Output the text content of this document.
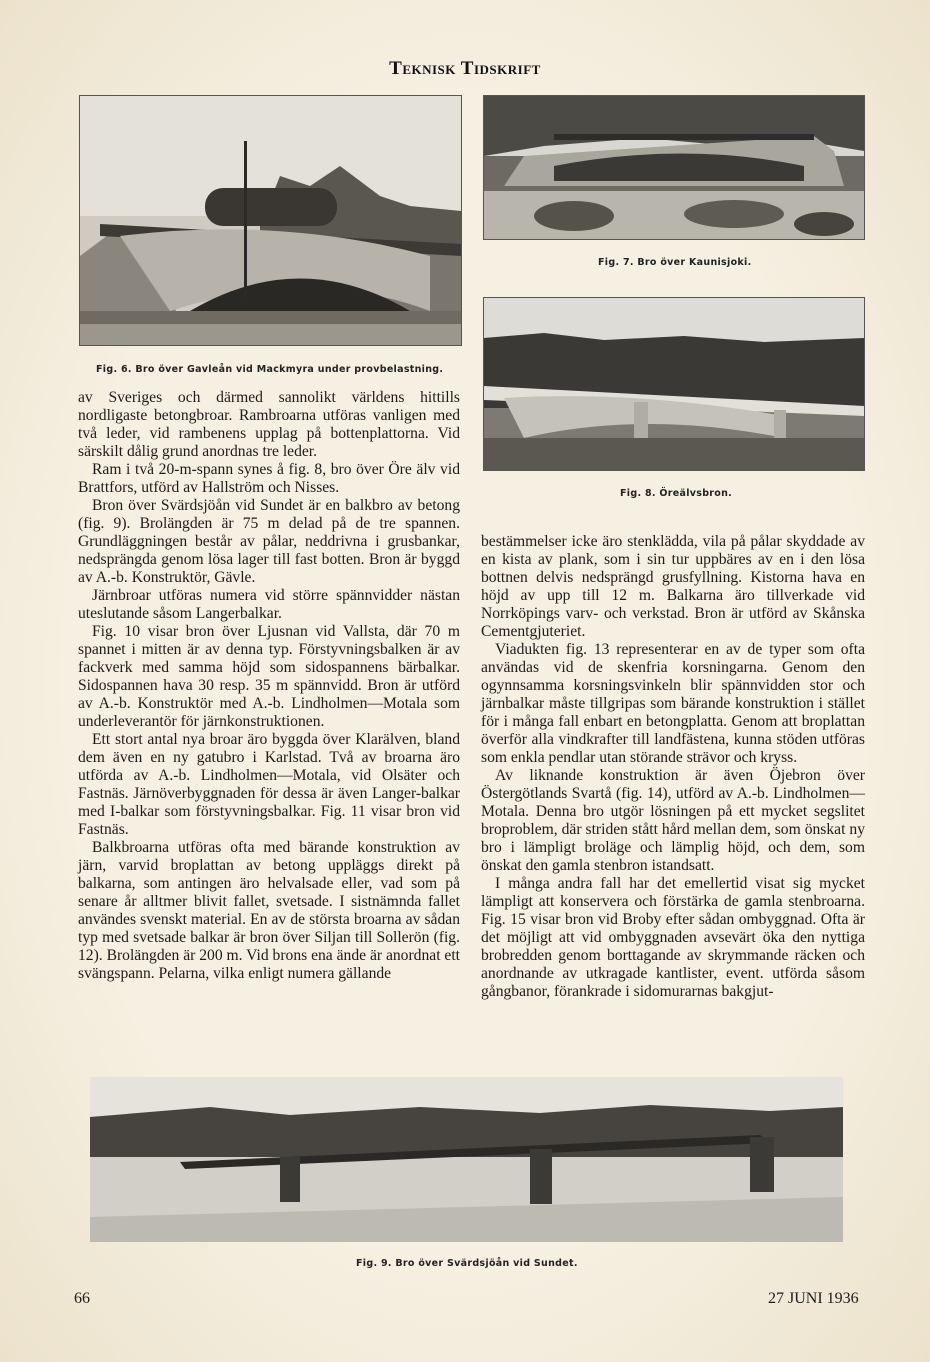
Teknisk Tidskrift
Fig. 6. Bro över Gavleån vid Mackmyra under provbelastning.
Fig. 7. Bro över Kaunisjoki.
Fig. 8. Öreälvsbron.

av Sveriges och därmed sannolikt världens hittills nordligaste betongbroar. Rambroarna utföras vanligen med två leder, vid rambenens upplag på bottenplattorna. Vid särskilt dålig grund anordnas tre leder.

Ram i två 20-m-spann synes å fig. 8, bro över Öre älv vid Brattfors, utförd av Hallström och Nisses.

Bron över Svärdsjöån vid Sundet är en balkbro av betong (fig. 9). Brolängden är 75 m delad på de tre spannen. Grundläggningen består av pålar, neddrivna i grusbankar, nedsprängda genom lösa lager till fast botten. Bron är byggd av A.-b. Konstruktör, Gävle.

Järnbroar utföras numera vid större spännvidder nästan uteslutande såsom Langerbalkar.

Fig. 10 visar bron över Ljusnan vid Vallsta, där 70 m spannet i mitten är av denna typ. Förstyvningsbalken är av fackverk med samma höjd som sidospannens bärbalkar. Sidospannen hava 30 resp. 35 m spännvidd. Bron är utförd av A.-b. Konstruktör med A.-b. Lindholmen—Motala som underleverantör för järnkonstruktionen.

Ett stort antal nya broar äro byggda över Klarälven, bland dem även en ny gatubro i Karlstad. Två av broarna äro utförda av A.-b. Lindholmen—Motala, vid Olsäter och Fastnäs. Järnöverbyggnaden för dessa är även Langer-balkar med I-balkar som förstyvningsbalkar. Fig. 11 visar bron vid Fastnäs.

Balkbroarna utföras ofta med bärande konstruktion av järn, varvid broplattan av betong uppläggs direkt på balkarna, som antingen äro helvalsade eller, vad som på senare år alltmer blivit fallet, svetsade. I sistnämnda fallet användes svenskt material. En av de största broarna av sådan typ med svetsade balkar är bron över Siljan till Sollerön (fig. 12). Brolängden är 200 m. Vid brons ena ände är anordnat ett svängspann. Pelarna, vilka enligt numera gällande

bestämmelser icke äro stenklädda, vila på pålar skyddade av en kista av plank, som i sin tur uppbäres av en i den lösa bottnen delvis nedsprängd grusfyllning. Kistorna hava en höjd av upp till 12 m. Balkarna äro tillverkade vid Norrköpings varv- och verkstad. Bron är utförd av Skånska Cementgjuteriet.

Viadukten fig. 13 representerar en av de typer som ofta användas vid de skenfria korsningarna. Genom den ogynnsamma korsningsvinkeln blir spännvidden stor och järnbalkar måste tillgripas som bärande konstruktion i stället för i många fall enbart en betongplatta. Genom att broplattan överför alla vindkrafter till landfästena, kunna stöden utföras som enkla pendlar utan störande strävor och kryss.

Av liknande konstruktion är även Öjebron över Östergötlands Svartå (fig. 14), utförd av A.-b. Lindholmen—Motala. Denna bro utgör lösningen på ett mycket segslitet broproblem, där striden stått hård mellan dem, som önskat ny bro i lämpligt broläge och lämplig höjd, och dem, som önskat den gamla stenbron istandsatt.

I många andra fall har det emellertid visat sig mycket lämpligt att konservera och förstärka de gamla stenbroarna. Fig. 15 visar bron vid Broby efter sådan ombyggnad. Ofta är det möjligt att vid ombyggnaden avsevärt öka den nyttiga brobredden genom borttagande av skrymmande räcken och anordnande av utkragade kantlister, event. utförda såsom gångbanor, förankrade i sidomurarnas bakgjut-

Fig. 9. Bro över Svärdsjöån vid Sundet.
66	27 JUNI 1936
